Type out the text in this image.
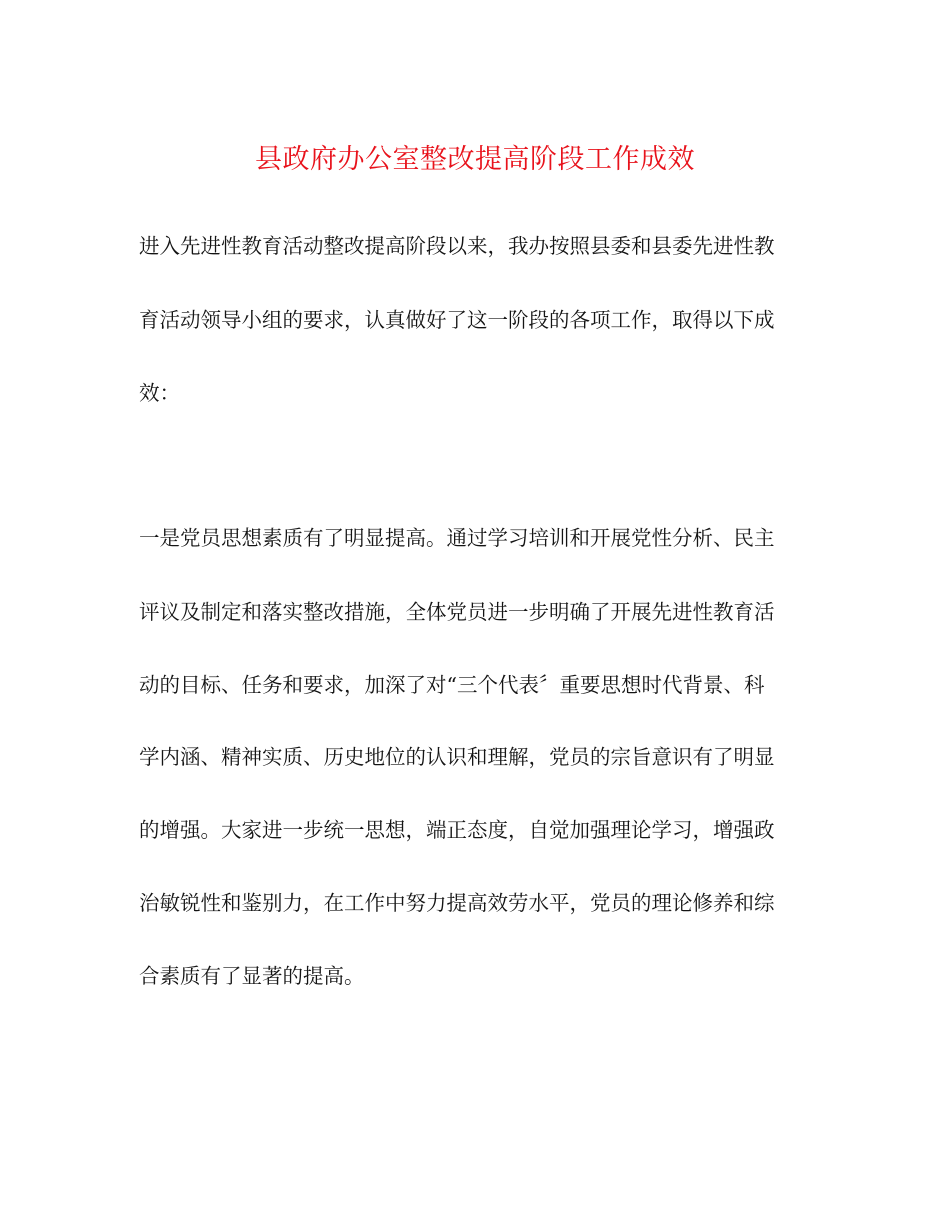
县政府办公室整改提高阶段工作成效
进入先进性教育活动整改提高阶段以来，我办按照县委和县委先进性教
育活动领导小组的要求，认真做好了这一阶段的各项工作，取得以下成
效：
一是党员思想素质有了明显提高。通过学习培训和开展党性分析、民主
评议及制定和落实整改措施，全体党员进一步明确了开展先进性教育活
动的目标、任务和要求，加深了对“三个代表〞重要思想时代背景、科
学内涵、精神实质、历史地位的认识和理解，党员的宗旨意识有了明显
的增强。大家进一步统一思想，端正态度，自觉加强理论学习，增强政
治敏锐性和鉴别力，在工作中努力提高效劳水平，党员的理论修养和综
合素质有了显著的提高。
